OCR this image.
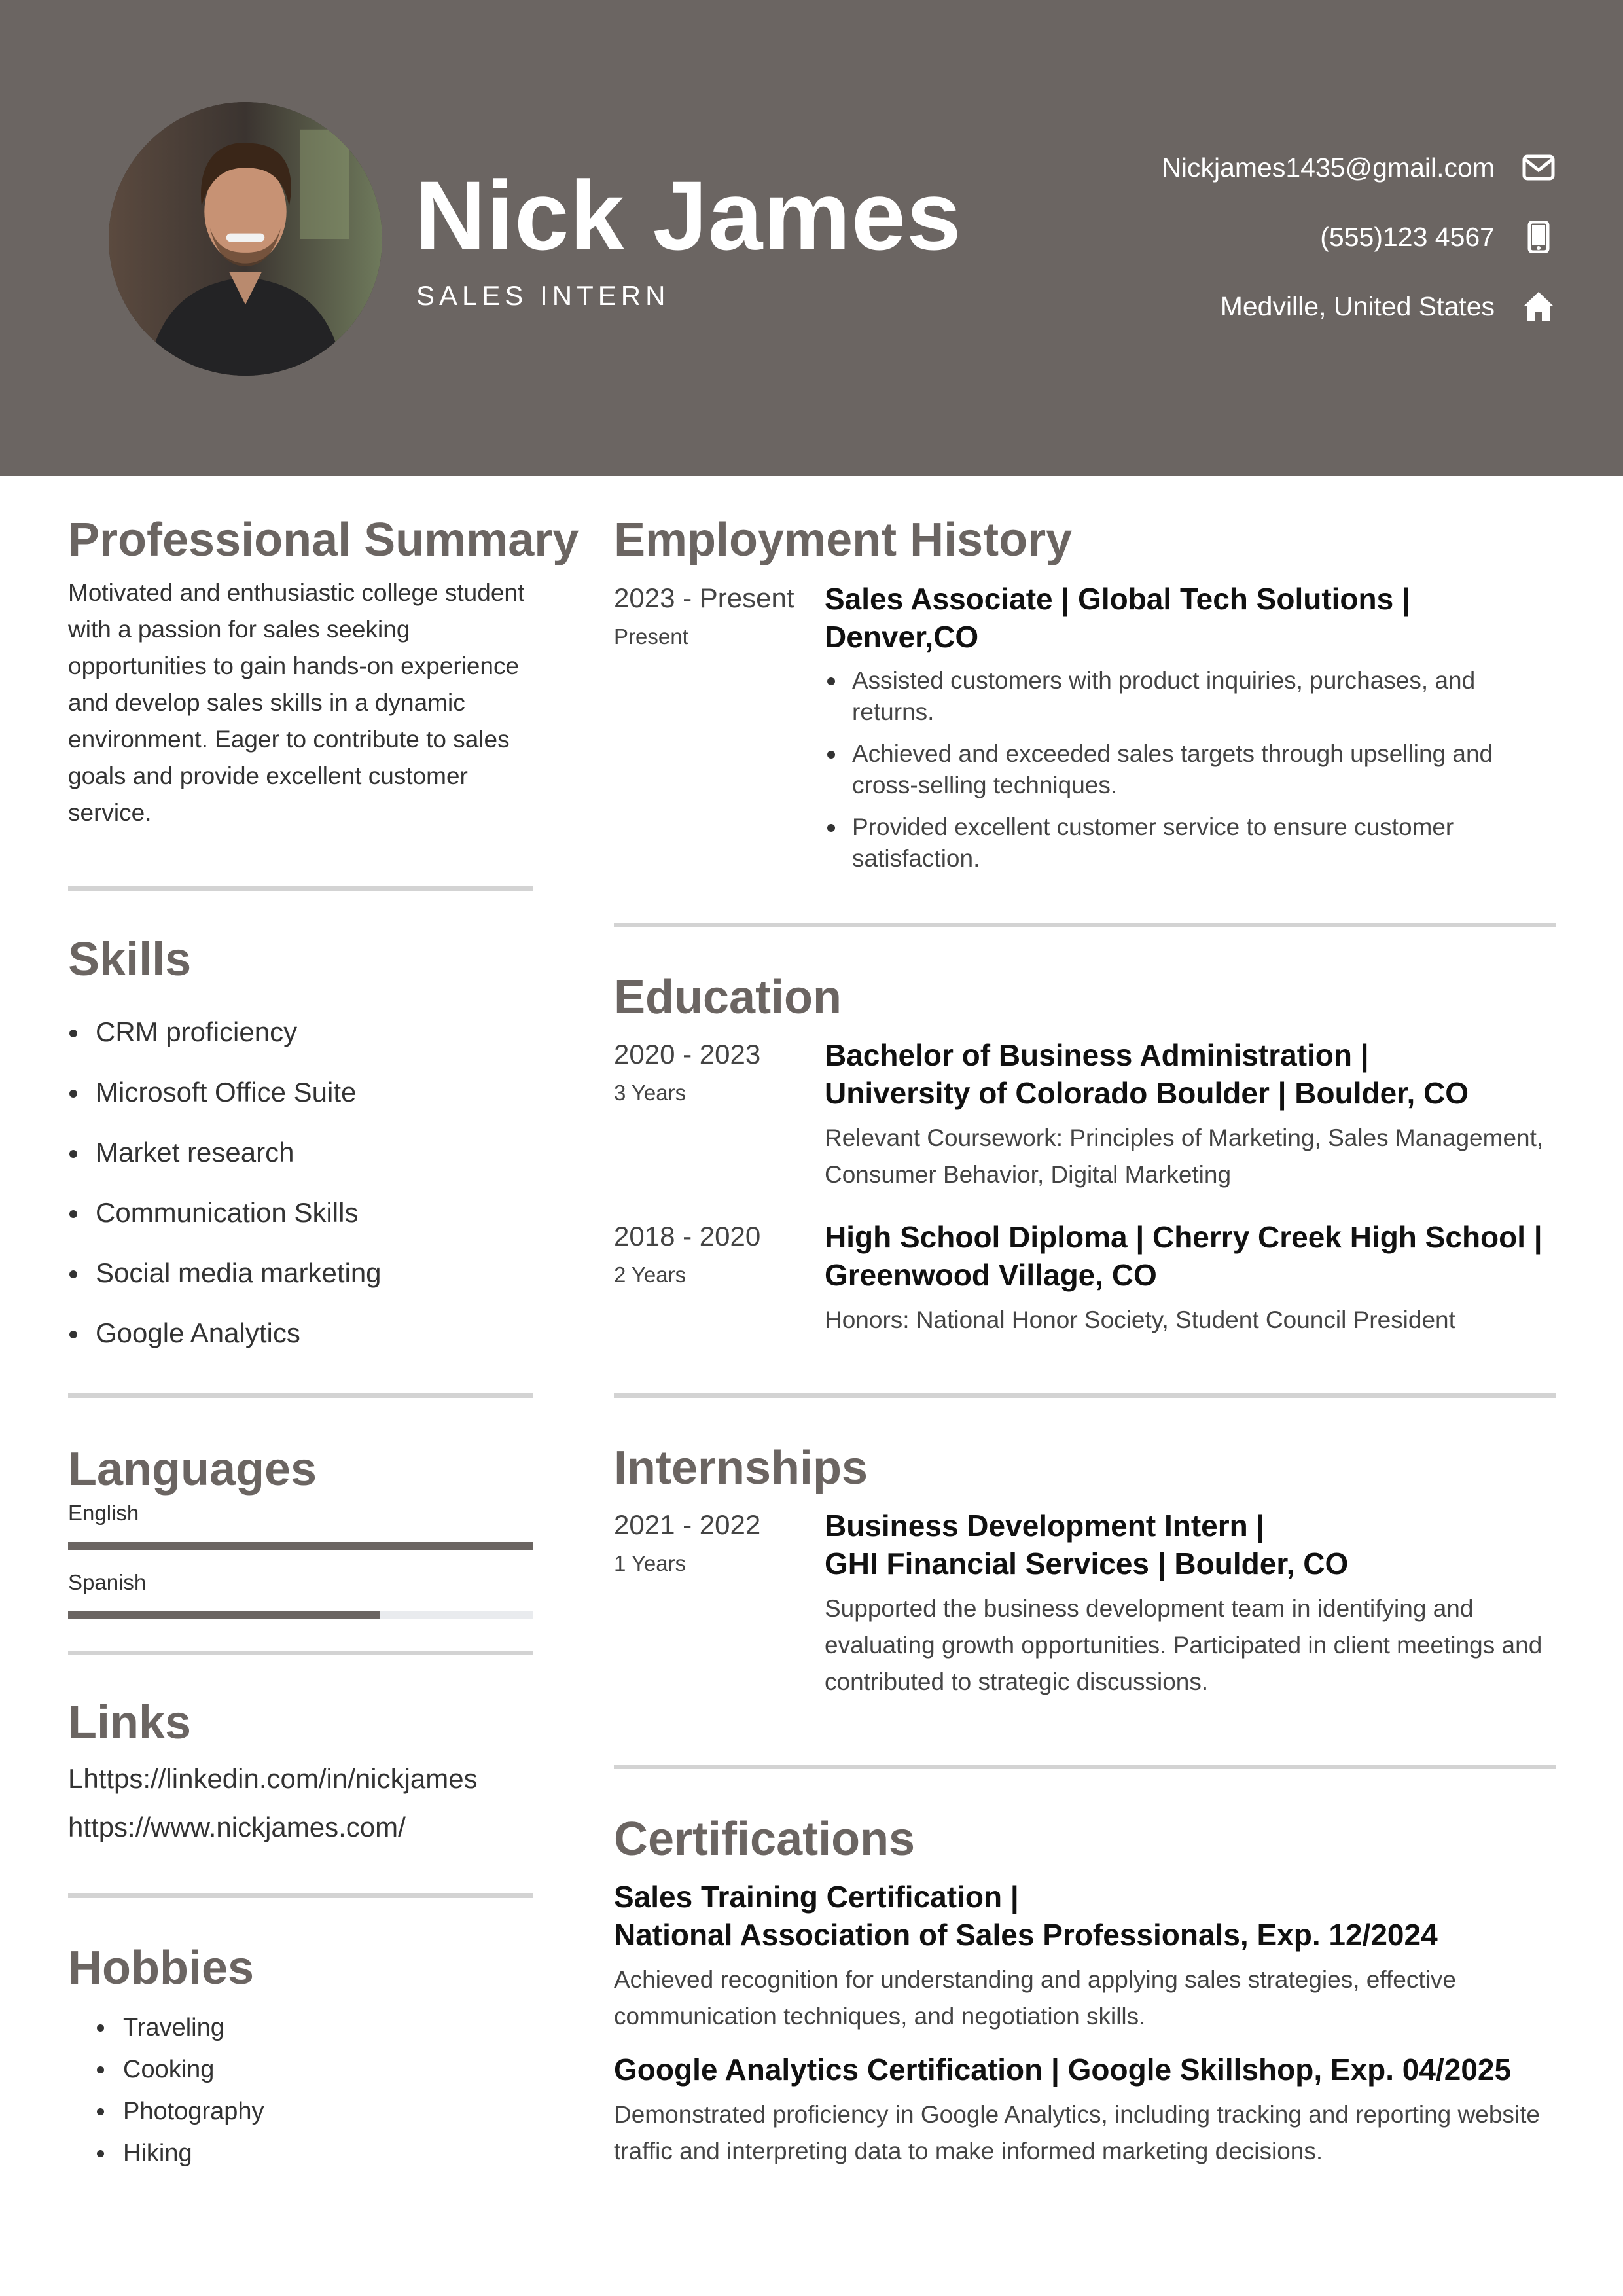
Nick James
SALES INTERN
Nickjames1435@gmail.com
(555)123 4567
Medville, United States
Professional Summary

Motivated and enthusiastic college student with a passion for sales seeking opportunities to gain hands-on experience and develop sales skills in a dynamic environment. Eager to contribute to sales goals and provide excellent customer service.

Skills
CRM proficiency
Microsoft Office Suite
Market research
Communication Skills
Social media marketing
Google Analytics
Languages
English
Spanish
Links
Lhttps://linkedin.com/in/nickjames
https://www.nickjames.com/
Hobbies
Traveling
Cooking
Photography
Hiking
Employment History
2023 - Present
Present
Sales Associate | Global Tech Solutions | Denver,CO
Assisted customers with product inquiries, purchases, and returns.
Achieved and exceeded sales targets through upselling and cross-selling techniques.
Provided excellent customer service to ensure customer satisfaction.
Education
2020 - 2023
3 Years
Bachelor of Business Administration |
University of Colorado Boulder | Boulder, CO
Relevant Coursework: Principles of Marketing, Sales Management, Consumer Behavior, Digital Marketing
2018 - 2020
2 Years
High School Diploma | Cherry Creek High School |
Greenwood Village, CO
Honors: National Honor Society, Student Council President
Internships
2021 - 2022
1 Years
Business Development Intern |
GHI Financial Services | Boulder, CO
Supported the business development team in identifying and evaluating growth opportunities. Participated in client meetings and contributed to strategic discussions.
Certifications
Sales Training Certification |
National Association of Sales Professionals, Exp. 12/2024
Achieved recognition for understanding and applying sales strategies, effective communication techniques, and negotiation skills.
Google Analytics Certification | Google Skillshop, Exp. 04/2025
Demonstrated proficiency in Google Analytics, including tracking and reporting website traffic and interpreting data to make informed marketing decisions.
